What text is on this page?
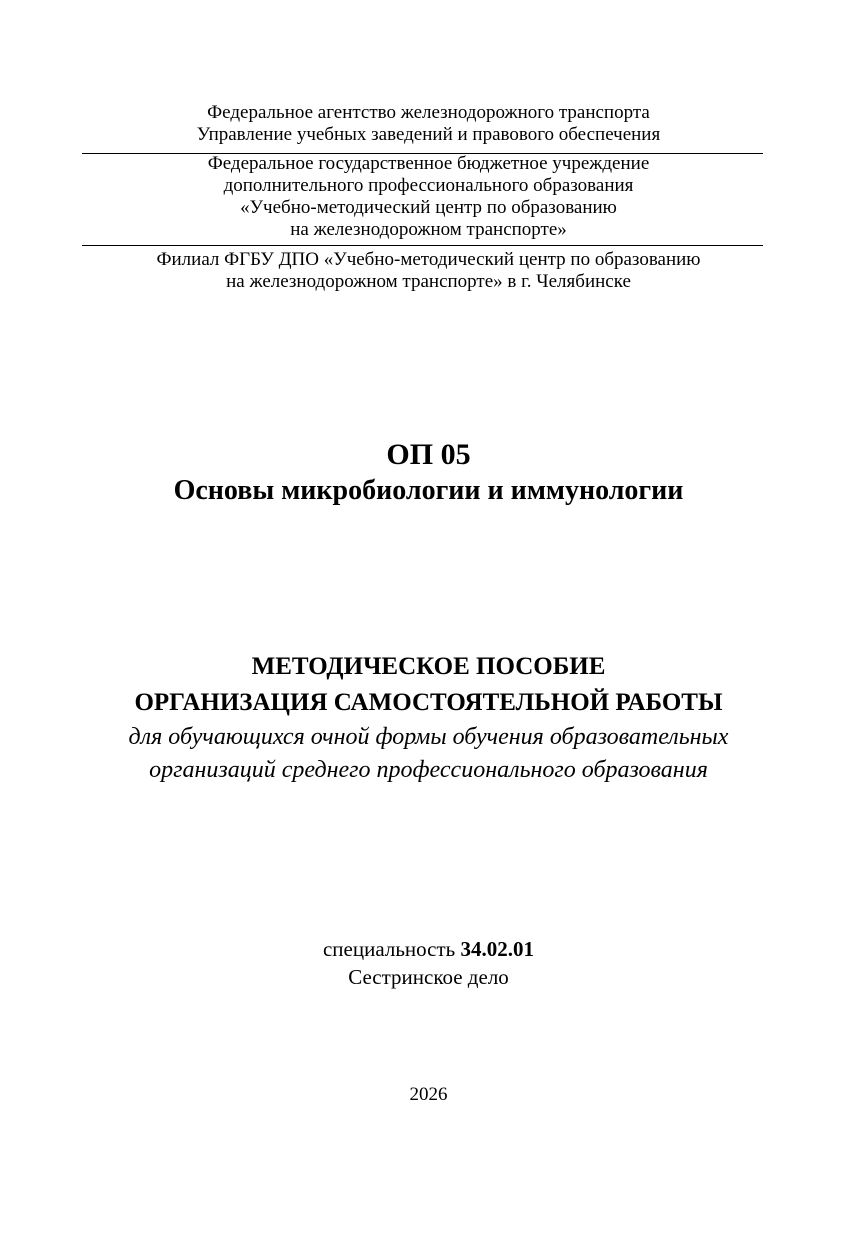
Федеральное агентство железнодорожного транспорта
Управление учебных заведений и правового обеспечения
Федеральное государственное бюджетное учреждение
дополнительного профессионального образования
«Учебно-методический центр по образованию
на железнодорожном транспорте»
Филиал ФГБУ ДПО «Учебно-методический центр по образованию
на железнодорожном транспорте» в г. Челябинске
ОП 05
Основы микробиологии и иммунологии
МЕТОДИЧЕСКОЕ ПОСОБИЕ
ОРГАНИЗАЦИЯ САМОСТОЯТЕЛЬНОЙ РАБОТЫ
для обучающихся очной формы обучения образовательных
организаций среднего профессионального образования
специальность 34.02.01
Сестринское дело
2026
